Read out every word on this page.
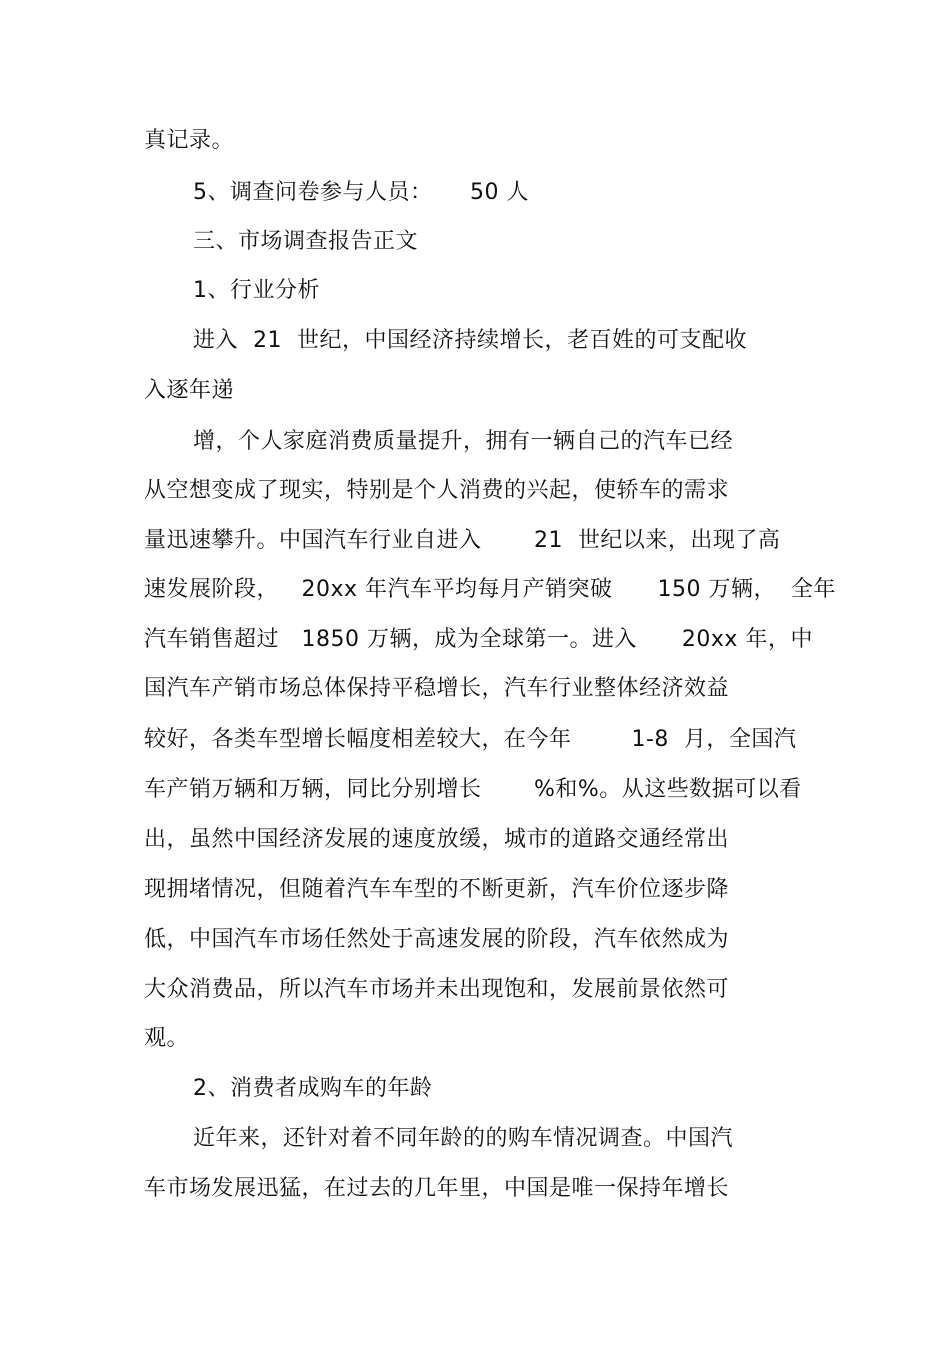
真记录。
5、调查问卷参与人员：     50 人
三、市场调查报告正文
1、行业分析
进入  21  世纪，中国经济持续增长，老百姓的可支配收
入逐年递
增，个人家庭消费质量提升，拥有一辆自己的汽车已经
从空想变成了现实，特别是个人消费的兴起，使轿车的需求
量迅速攀升。中国汽车行业自进入       21  世纪以来，出现了高
速发展阶段，   20xx 年汽车平均每月产销突破      150 万辆，  全年
汽车销售超过   1850 万辆，成为全球第一。进入      20xx 年，中
国汽车产销市场总体保持平稳增长，汽车行业整体经济效益
较好，各类车型增长幅度相差较大，在今年        1-8  月，全国汽
车产销万辆和万辆，同比分别增长       %和%。从这些数据可以看
出，虽然中国经济发展的速度放缓，城市的道路交通经常出
现拥堵情况，但随着汽车车型的不断更新，汽车价位逐步降
低，中国汽车市场任然处于高速发展的阶段，汽车依然成为
大众消费品，所以汽车市场并未出现饱和，发展前景依然可
观。
2、消费者成购车的年龄
近年来，还针对着不同年龄的的购车情况调查。中国汽
车市场发展迅猛，在过去的几年里，中国是唯一保持年增长
